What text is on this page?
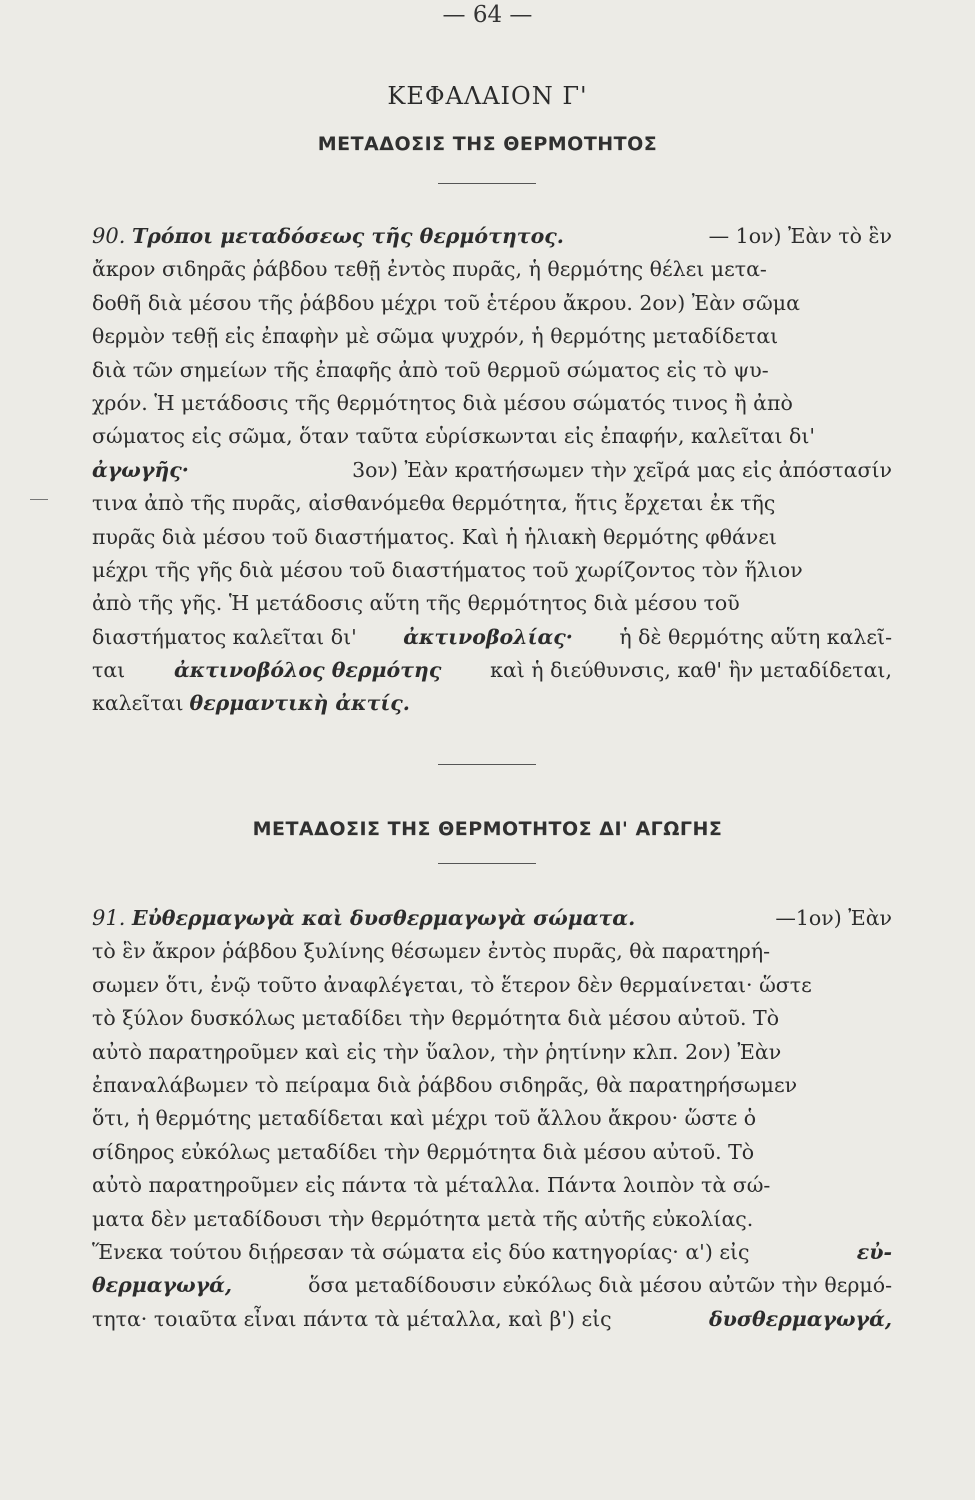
— 64 —
ΚΕΦΑΛΑΙΟΝ Γ'
ΜΕΤΑΔΟΣΙΣ ΤΗΣ ΘΕΡΜΟΤΗΤΟΣ
90. Τρόποι μεταδόσεως τῆς θερμότητος.	— 1ον) Ἐὰν τὸ ἓν
ἄκρον σιδηρᾶς ῥάβδου τεθῇ ἐντὸς πυρᾶς, ἡ θερμότης θέλει μετα-
δοθῆ διὰ μέσου τῆς ῥάβδου μέχρι τοῦ ἑτέρου ἄκρου. 2ον) Ἐὰν σῶμα
θερμὸν τεθῇ εἰς ἐπαφὴν μὲ σῶμα ψυχρόν, ἡ θερμότης μεταδίδεται
διὰ τῶν σημείων τῆς ἐπαφῆς ἀπὸ τοῦ θερμοῦ σώματος εἰς τὸ ψυ-
χρόν. Ἡ μετάδοσις τῆς θερμότητος διὰ μέσου σώματός τινος ἢ ἀπὸ
σώματος εἰς σῶμα, ὅταν ταῦτα εὑρίσκωνται εἰς ἐπαφήν, καλεῖται δι'
ἀγωγῆς·	3ον) Ἐὰν κρατήσωμεν τὴν χεῖρά μας εἰς ἀπόστασίν
τινα ἀπὸ τῆς πυρᾶς, αἰσθανόμεθα θερμότητα, ἥτις ἔρχεται ἐκ τῆς
πυρᾶς διὰ μέσου τοῦ διαστήματος. Καὶ ἡ ἡλιακὴ θερμότης φθάνει
μέχρι τῆς γῆς διὰ μέσου τοῦ διαστήματος τοῦ χωρίζοντος τὸν ἥλιον
ἀπὸ τῆς γῆς. Ἡ μετάδοσις αὕτη τῆς θερμότητος διὰ μέσου τοῦ
διαστήματος καλεῖται δι' ἀκτινοβολίας· ἡ δὲ θερμότης αὕτη καλεῖ-
ται ἀκτινοβόλος θερμότης καὶ ἡ διεύθυνσις, καθ' ἣν μεταδίδεται,
καλεῖται θερμαντικὴ ἀκτίς.
ΜΕΤΑΔΟΣΙΣ ΤΗΣ ΘΕΡΜΟΤΗΤΟΣ ΔΙ' ΑΓΩΓΗΣ
91. Εὐθερμαγωγὰ καὶ δυσθερμαγωγὰ σώματα.	—1ον) Ἐὰν
τὸ ἓν ἄκρον ῥάβδου ξυλίνης θέσωμεν ἐντὸς πυρᾶς, θὰ παρατηρή-
σωμεν ὅτι, ἐνῷ τοῦτο ἀναφλέγεται, τὸ ἕτερον δὲν θερμαίνεται· ὥστε
τὸ ξύλον δυσκόλως μεταδίδει τὴν θερμότητα διὰ μέσου αὐτοῦ. Τὸ
αὐτὸ παρατηροῦμεν καὶ εἰς τὴν ὕαλον, τὴν ῥητίνην κλπ. 2ον) Ἐὰν
ἐπαναλάβωμεν τὸ πείραμα διὰ ῥάβδου σιδηρᾶς, θὰ παρατηρήσωμεν
ὅτι, ἡ θερμότης μεταδίδεται καὶ μέχρι τοῦ ἄλλου ἄκρου· ὥστε ὁ
σίδηρος εὐκόλως μεταδίδει τὴν θερμότητα διὰ μέσου αὐτοῦ. Τὸ
αὐτὸ παρατηροῦμεν εἰς πάντα τὰ μέταλλα. Πάντα λοιπὸν τὰ σώ-
ματα δὲν μεταδίδουσι τὴν θερμότητα μετὰ τῆς αὐτῆς εὐκολίας.
Ἕνεκα τούτου διῄρεσαν τὰ σώματα εἰς δύο κατηγορίας· α') εἰς	εὐ-
θερμαγωγά,	ὅσα μεταδίδουσιν εὐκόλως διὰ μέσου αὐτῶν τὴν θερμό-
τητα· τοιαῦτα εἶναι πάντα τὰ μέταλλα, καὶ β') εἰς	δυσθερμαγωγά,
